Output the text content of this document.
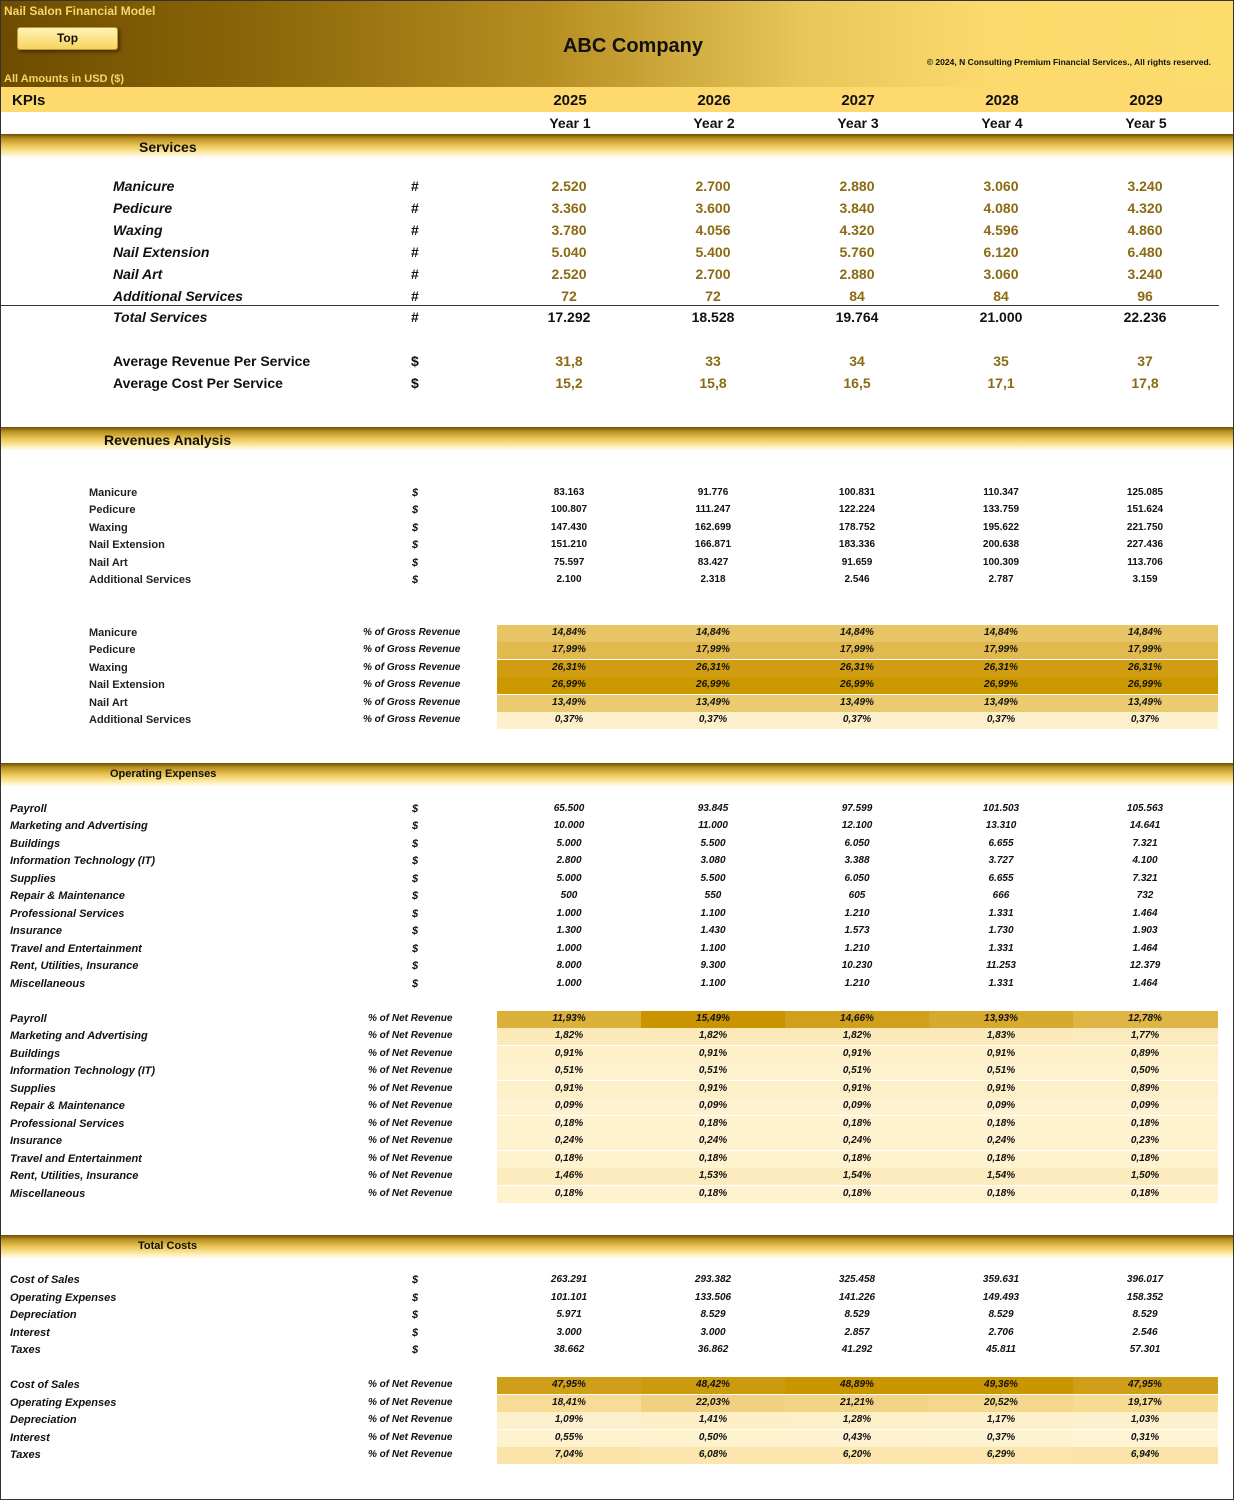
Nail Salon Financial Model
Top	ABC Company
© 2024, N Consulting Premium Financial Services., All rights reserved.
All Amounts in USD ($)
KPIs	2025	2026	2027	2028	2029
Year 1	Year 2	Year 3	Year 4	Year 5
Services
Revenues Analysis
Operating Expenses
Total Costs
Manicure	#	2.520	2.700	2.880	3.060	3.240
Pedicure	#	3.360	3.600	3.840	4.080	4.320
Waxing	#	3.780	4.056	4.320	4.596	4.860
Nail Extension	#	5.040	5.400	5.760	6.120	6.480
Nail Art	#	2.520	2.700	2.880	3.060	3.240
Additional Services	#	72	72	84	84	96
Total Services	#	17.292	18.528	19.764	21.000	22.236
Average Revenue Per Service	$	31,8	33	34	35	37
Average Cost Per Service	$	15,2	15,8	16,5	17,1	17,8
Manicure	$	83.163	91.776	100.831	110.347	125.085
Pedicure	$	100.807	111.247	122.224	133.759	151.624
Waxing	$	147.430	162.699	178.752	195.622	221.750
Nail Extension	$	151.210	166.871	183.336	200.638	227.436
Nail Art	$	75.597	83.427	91.659	100.309	113.706
Additional Services	$	2.100	2.318	2.546	2.787	3.159
Manicure	% of Gross Revenue	14,84%	14,84%	14,84%	14,84%	14,84%
Pedicure	% of Gross Revenue	17,99%	17,99%	17,99%	17,99%	17,99%
Waxing	% of Gross Revenue	26,31%	26,31%	26,31%	26,31%	26,31%
Nail Extension	% of Gross Revenue	26,99%	26,99%	26,99%	26,99%	26,99%
Nail Art	% of Gross Revenue	13,49%	13,49%	13,49%	13,49%	13,49%
Additional Services	% of Gross Revenue	0,37%	0,37%	0,37%	0,37%	0,37%
Payroll	$	65.500	93.845	97.599	101.503	105.563
Marketing and Advertising	$	10.000	11.000	12.100	13.310	14.641
Buildings	$	5.000	5.500	6.050	6.655	7.321
Information Technology (IT)	$	2.800	3.080	3.388	3.727	4.100
Supplies	$	5.000	5.500	6.050	6.655	7.321
Repair & Maintenance	$	500	550	605	666	732
Professional Services	$	1.000	1.100	1.210	1.331	1.464
Insurance	$	1.300	1.430	1.573	1.730	1.903
Travel and Entertainment	$	1.000	1.100	1.210	1.331	1.464
Rent, Utilities, Insurance	$	8.000	9.300	10.230	11.253	12.379
Miscellaneous	$	1.000	1.100	1.210	1.331	1.464
Payroll	% of Net Revenue	11,93%	15,49%	14,66%	13,93%	12,78%
Marketing and Advertising	% of Net Revenue	1,82%	1,82%	1,82%	1,83%	1,77%
Buildings	% of Net Revenue	0,91%	0,91%	0,91%	0,91%	0,89%
Information Technology (IT)	% of Net Revenue	0,51%	0,51%	0,51%	0,51%	0,50%
Supplies	% of Net Revenue	0,91%	0,91%	0,91%	0,91%	0,89%
Repair & Maintenance	% of Net Revenue	0,09%	0,09%	0,09%	0,09%	0,09%
Professional Services	% of Net Revenue	0,18%	0,18%	0,18%	0,18%	0,18%
Insurance	% of Net Revenue	0,24%	0,24%	0,24%	0,24%	0,23%
Travel and Entertainment	% of Net Revenue	0,18%	0,18%	0,18%	0,18%	0,18%
Rent, Utilities, Insurance	% of Net Revenue	1,46%	1,53%	1,54%	1,54%	1,50%
Miscellaneous	% of Net Revenue	0,18%	0,18%	0,18%	0,18%	0,18%
Cost of Sales	$	263.291	293.382	325.458	359.631	396.017
Operating Expenses	$	101.101	133.506	141.226	149.493	158.352
Depreciation	$	5.971	8.529	8.529	8.529	8.529
Interest	$	3.000	3.000	2.857	2.706	2.546
Taxes	$	38.662	36.862	41.292	45.811	57.301
Cost of Sales	% of Net Revenue	47,95%	48,42%	48,89%	49,36%	47,95%
Operating Expenses	% of Net Revenue	18,41%	22,03%	21,21%	20,52%	19,17%
Depreciation	% of Net Revenue	1,09%	1,41%	1,28%	1,17%	1,03%
Interest	% of Net Revenue	0,55%	0,50%	0,43%	0,37%	0,31%
Taxes	% of Net Revenue	7,04%	6,08%	6,20%	6,29%	6,94%
